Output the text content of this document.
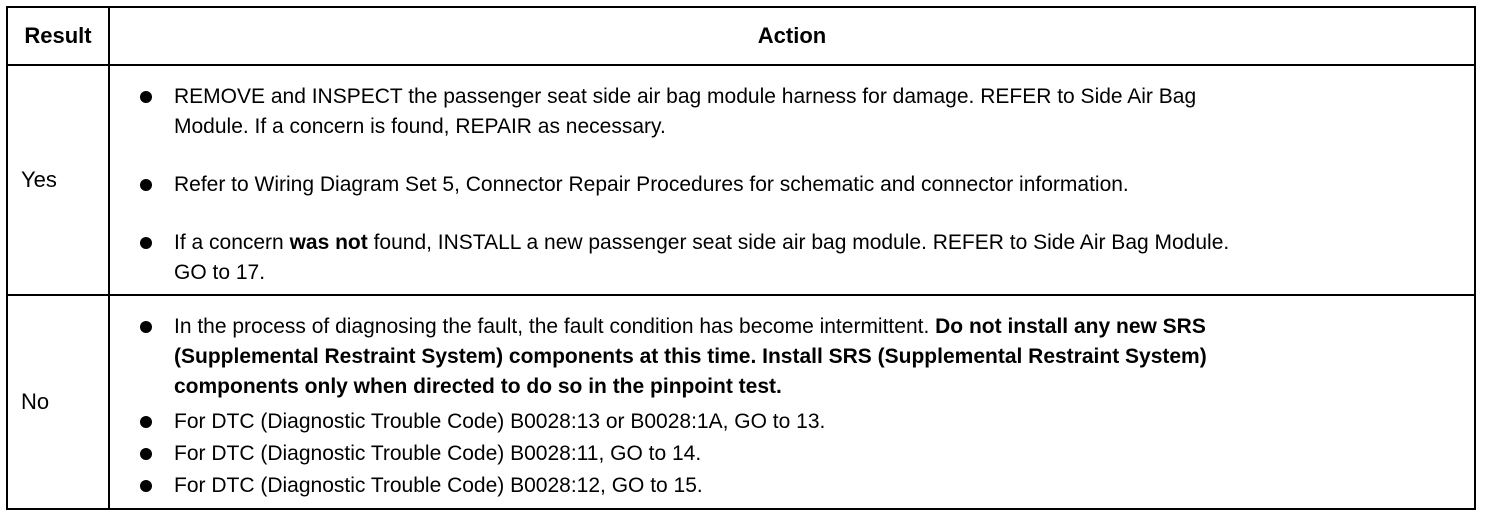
Result	Action
Yes
REMOVE and INSPECT the passenger seat side air bag module harness for damage. REFER to Side Air Bag
Module. If a concern is found, REPAIR as necessary.
Refer to Wiring Diagram Set 5, Connector Repair Procedures for schematic and connector information.
If a concern was not found, INSTALL a new passenger seat side air bag module. REFER to Side Air Bag Module.
GO to 17.
No
In the process of diagnosing the fault, the fault condition has become intermittent. Do not install any new SRS
(Supplemental Restraint System) components at this time. Install SRS (Supplemental Restraint System)
components only when directed to do so in the pinpoint test.
For DTC (Diagnostic Trouble Code) B0028:13 or B0028:1A, GO to 13.
For DTC (Diagnostic Trouble Code) B0028:11, GO to 14.
For DTC (Diagnostic Trouble Code) B0028:12, GO to 15.
